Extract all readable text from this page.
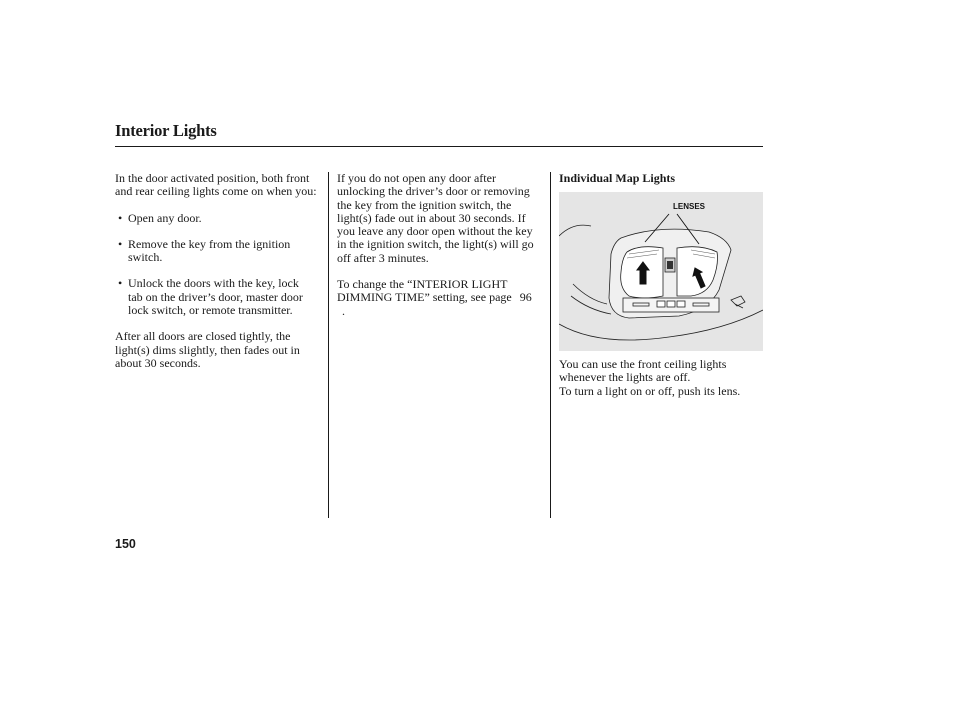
Interior Lights

In the door activated position, both front and rear ceiling lights come on when you:

• Open any door.

• Remove the key from the ignition switch.

• Unlock the doors with the key, lock tab on the driver’s door, master door lock switch, or remote transmitter.

After all doors are closed tightly, the light(s) dims slightly, then fades out in about 30 seconds.

If you do not open any door after unlocking the driver’s door or removing the key from the ignition switch, the light(s) fade out in about 30 seconds. If you leave any door open without the key in the ignition switch, the light(s) will go off after 3 minutes.

To change the “INTERIOR LIGHT DIMMING TIME” setting, see page 96 .

Individual Map Lights
LENSES

You can use the front ceiling lights whenever the lights are off.

To turn a light on or off, push its lens.

150
